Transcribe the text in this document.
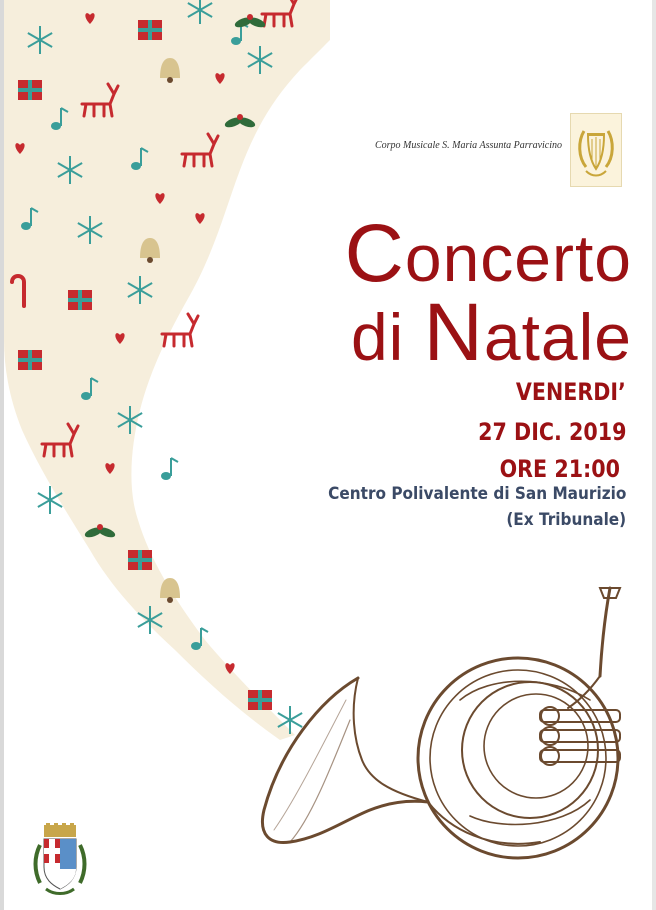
Corpo Musicale S. Maria Assunta Parravicino
Concerto
di Natale
VENERDI’
27 DIC. 2019
ORE 21:00
Centro Polivalente di San Maurizio
(Ex Tribunale)
